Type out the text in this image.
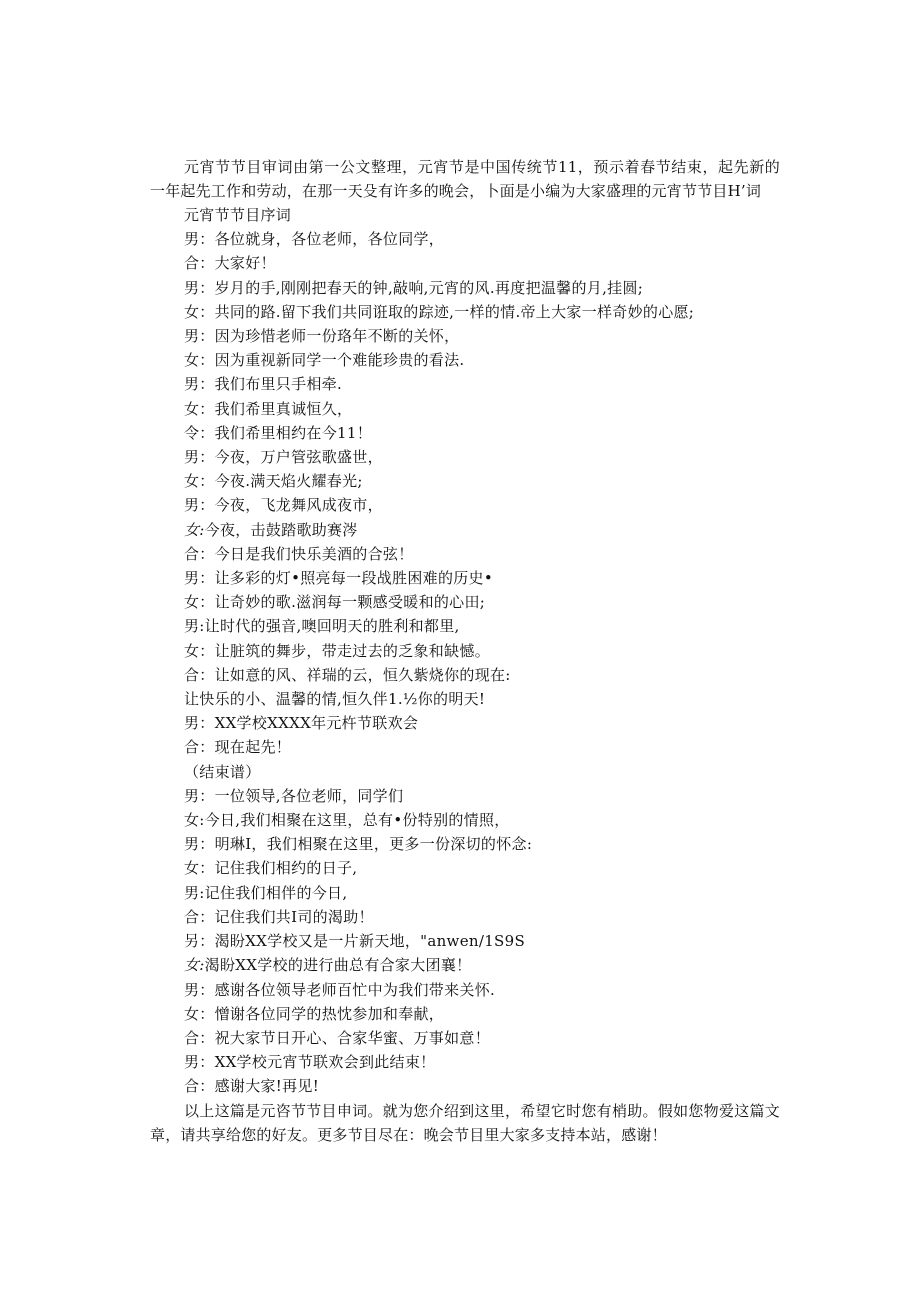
元宵节节目审词由第一公文整理，元宵节是中国传统节11，预示着春节结束，起先新的一年起先工作和劳动，在那一天殳有许多的晚会，卜面是小编为大家盛理的元宵节节目H’词

元宵节节目序词

男：各位就身，各位老师，各位同学，

合：大家好！

男：岁月的手,刚刚把春天的钟,敲响,元宵的风.再度把温馨的月,挂圆;

女：共同的路.留下我们共同诳取的踪迹,一样的情.帝上大家一样奇妙的心愿;

男：因为珍惜老师一份珞年不断的关怀，

女：因为重视新同学一个难能珍贵的看法.

男：我们布里只手相牵.

女：我们希里真诚恒久，

令：我们希里相约在今11！

男：今夜，万户管弦歌盛世，

女：今夜.满天焰火耀春光;

男：今夜，飞龙舞风成夜市，

女:今夜，击鼓踏歌助赛涔

合：今日是我们快乐美酒的合弦！

男：让多彩的灯•照亮每一段战胜困难的历史•

女：让奇妙的歌.滋润每一颗感受暖和的心田;

男:让时代的强音,噢回明天的胜利和都里,

女：让脏筑的舞步，带走过去的乏象和缺憾。

合：让如意的风、祥瑞的云，恒久紫烧你的现在:

让快乐的小、温馨的情,恒久伴1.½你的明天!

男：XX学校XXXX年元杵节联欢会

合：现在起先！

（结束谱）

男：一位领导,各位老师，同学们

女:今日,我们相聚在这里，总有•份特别的情照，

男：明琳I，我们相聚在这里，更多一份深切的怀念:

女：记住我们相约的日子,

男:记住我们相伴的今日,

合：记住我们共I司的渴助！

另：渴盼XX学校又是一片新天地，"anwen/1S9S

女:渴盼XX学校的进行曲总有合家大团襄！

男：感谢各位领导老师百忙中为我们带来关怀.

女：憎谢各位同学的热忱参加和奉献，

合：祝大家节日开心、合家华蜜、万事如意！

男：XX学校元宵节联欢会到此结束！

合：感谢大家!再见!

以上这篇是元咨节节目申词。就为您介绍到这里，希望它时您有梢助。假如您物爱这篇文章，请共享给您的好友。更多节目尽在：晚会节目里大家多支持本站，感谢！
